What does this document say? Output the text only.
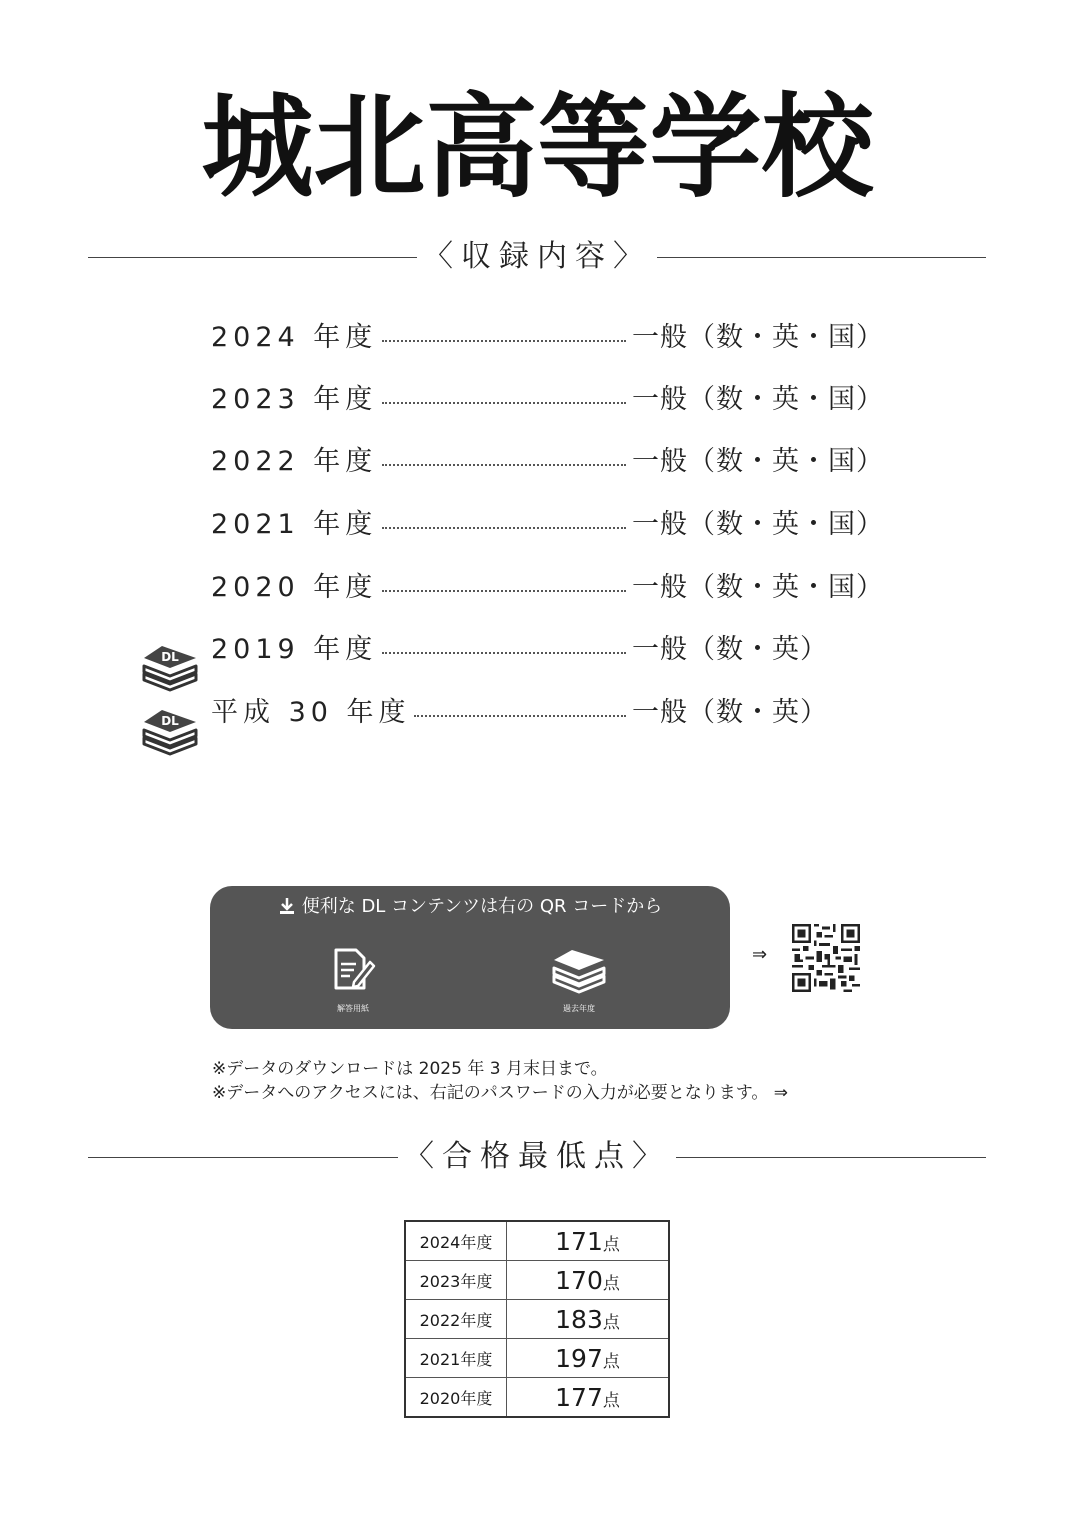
城北高等学校
〈収録内容〉
2024 年度	一般（数・英・国）
2023 年度	一般（数・英・国）
2022 年度	一般（数・英・国）
2021 年度	一般（数・英・国）
2020 年度	一般（数・英・国）
2019 年度	一般（数・英）
平成 30 年度	一般（数・英）
DL
DL
便利な DL コンテンツは右の QR コードから
解答用紙	過去年度
⇒
※データのダウンロードは 2025 年 3 月末日まで。
※データへのアクセスには、右記のパスワードの入力が必要となります。 ⇒
〈合格最低点〉
2024年度	171点
2023年度	170点
2022年度	183点
2021年度	197点
2020年度	177点
